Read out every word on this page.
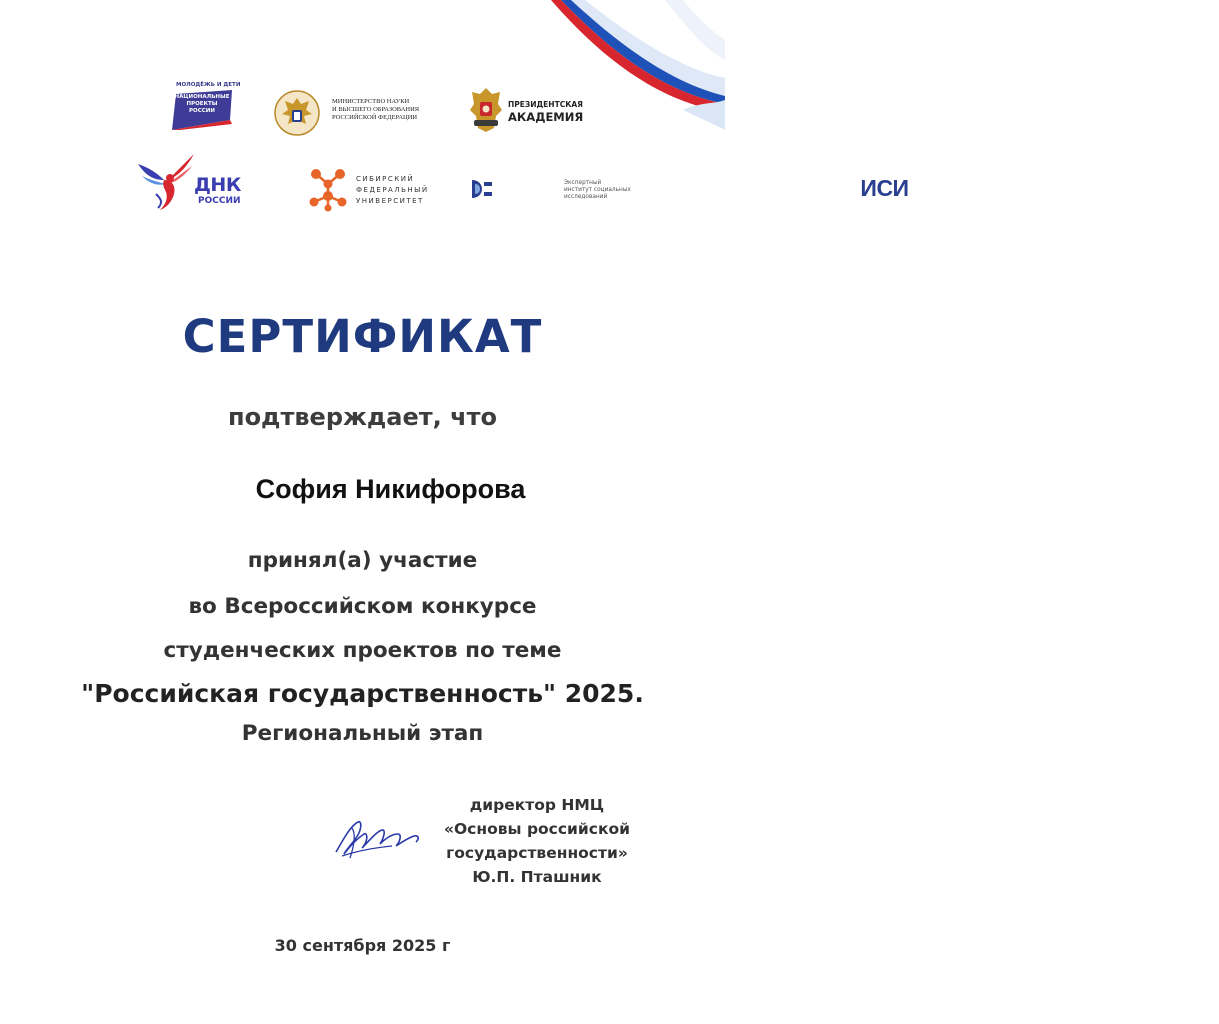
МОЛОДЁЖЬ И ДЕТИ
НАЦИОНАЛЬНЫЕ
ПРОЕКТЫ
РОССИИ
МИНИСТЕРСТВО НАУКИ
И ВЫСШЕГО ОБРАЗОВАНИЯ
РОССИЙСКОЙ ФЕДЕРАЦИИ
ПРЕЗИДЕНТСКАЯ
АКАДЕМИЯ
ДНК
РОССИИ
СИБИРСКИЙ
ФЕДЕРАЛЬНЫЙ
УНИВЕРСИТЕТ	ИСИ
Экспертный
институт социальных
исследований
СЕРТИФИКАТ
подтверждает, что
София Никифорова
принял(а) участие
во Всероссийском конкурсе
студенческих проектов по теме
"Российская государственность" 2025.
Региональный этап
директор НМЦ
«Основы российской
государственности»
Ю.П. Пташник
30 сентября 2025 г
